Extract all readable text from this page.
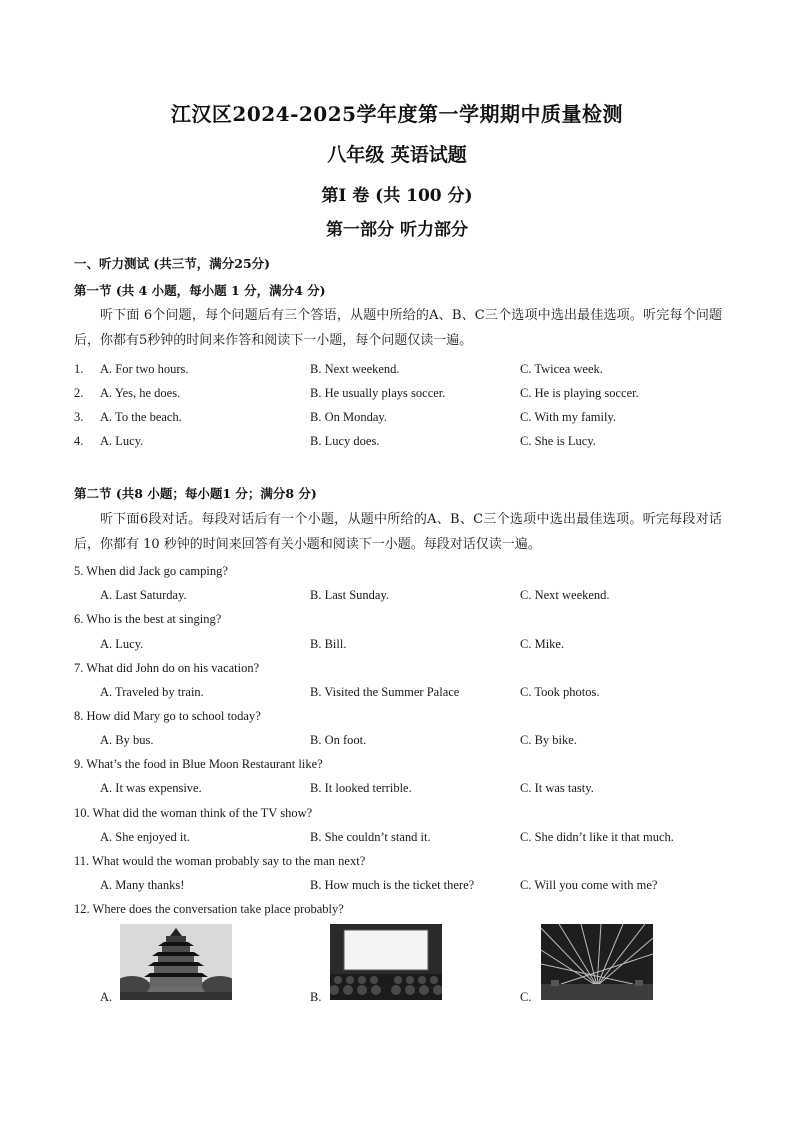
江汉区2024-2025学年度第一学期期中质量检测
八年级 英语试题
第Ⅰ 卷 (共 100 分)
第一部分 听力部分
一、听力测试 (共三节，满分25分)
第一节 (共 4 小题，每小题 1 分，满分4 分)
听下面 6个问题，每个问题后有三个答语，从题中所给的A、B、C三个选项中选出最佳选项。听完每个问题后，你都有5秒钟的时间来作答和阅读下一小题，每个问题仅读一遍。
1. A. For two hours.	B. Next weekend.	C. Twicea week.
2. A. Yes, he does.	B. He usually plays soccer.	C. He is playing soccer.
3. A. To the beach.	B. On Monday.	C. With my family.
4. A. Lucy.	B. Lucy does.	C. She is Lucy.
第二节 (共8 小题；每小题1 分；满分8 分)
听下面6段对话。每段对话后有一个小题，从题中所给的A、B、C三个选项中选出最佳选项。听完每段对话后，你都有 10 秒钟的时间来回答有关小题和阅读下一小题。每段对话仅读一遍。
5. When did Jack go camping?
A. Last Saturday.	B. Last Sunday.	C. Next weekend.
6. Who is the best at singing?
A. Lucy.	B. Bill.	C. Mike.
7. What did John do on his vacation?
A. Traveled by train.	B. Visited the Summer Palace	C. Took photos.
8. How did Mary go to school today?
A. By bus.	B. On foot.	C. By bike.
9. What’s the food in Blue Moon Restaurant like?
A. It was expensive.	B. It looked terrible.	C. It was tasty.
10. What did the woman think of the TV show?
A. She enjoyed it.	B. She couldn’t stand it.	C. She didn’t like it that much.
11. What would the woman probably say to the man next?
A. Many thanks!	B. How much is the ticket there?	C. Will you come with me?
12. Where does the conversation take place probably?
A.	B.	C.
